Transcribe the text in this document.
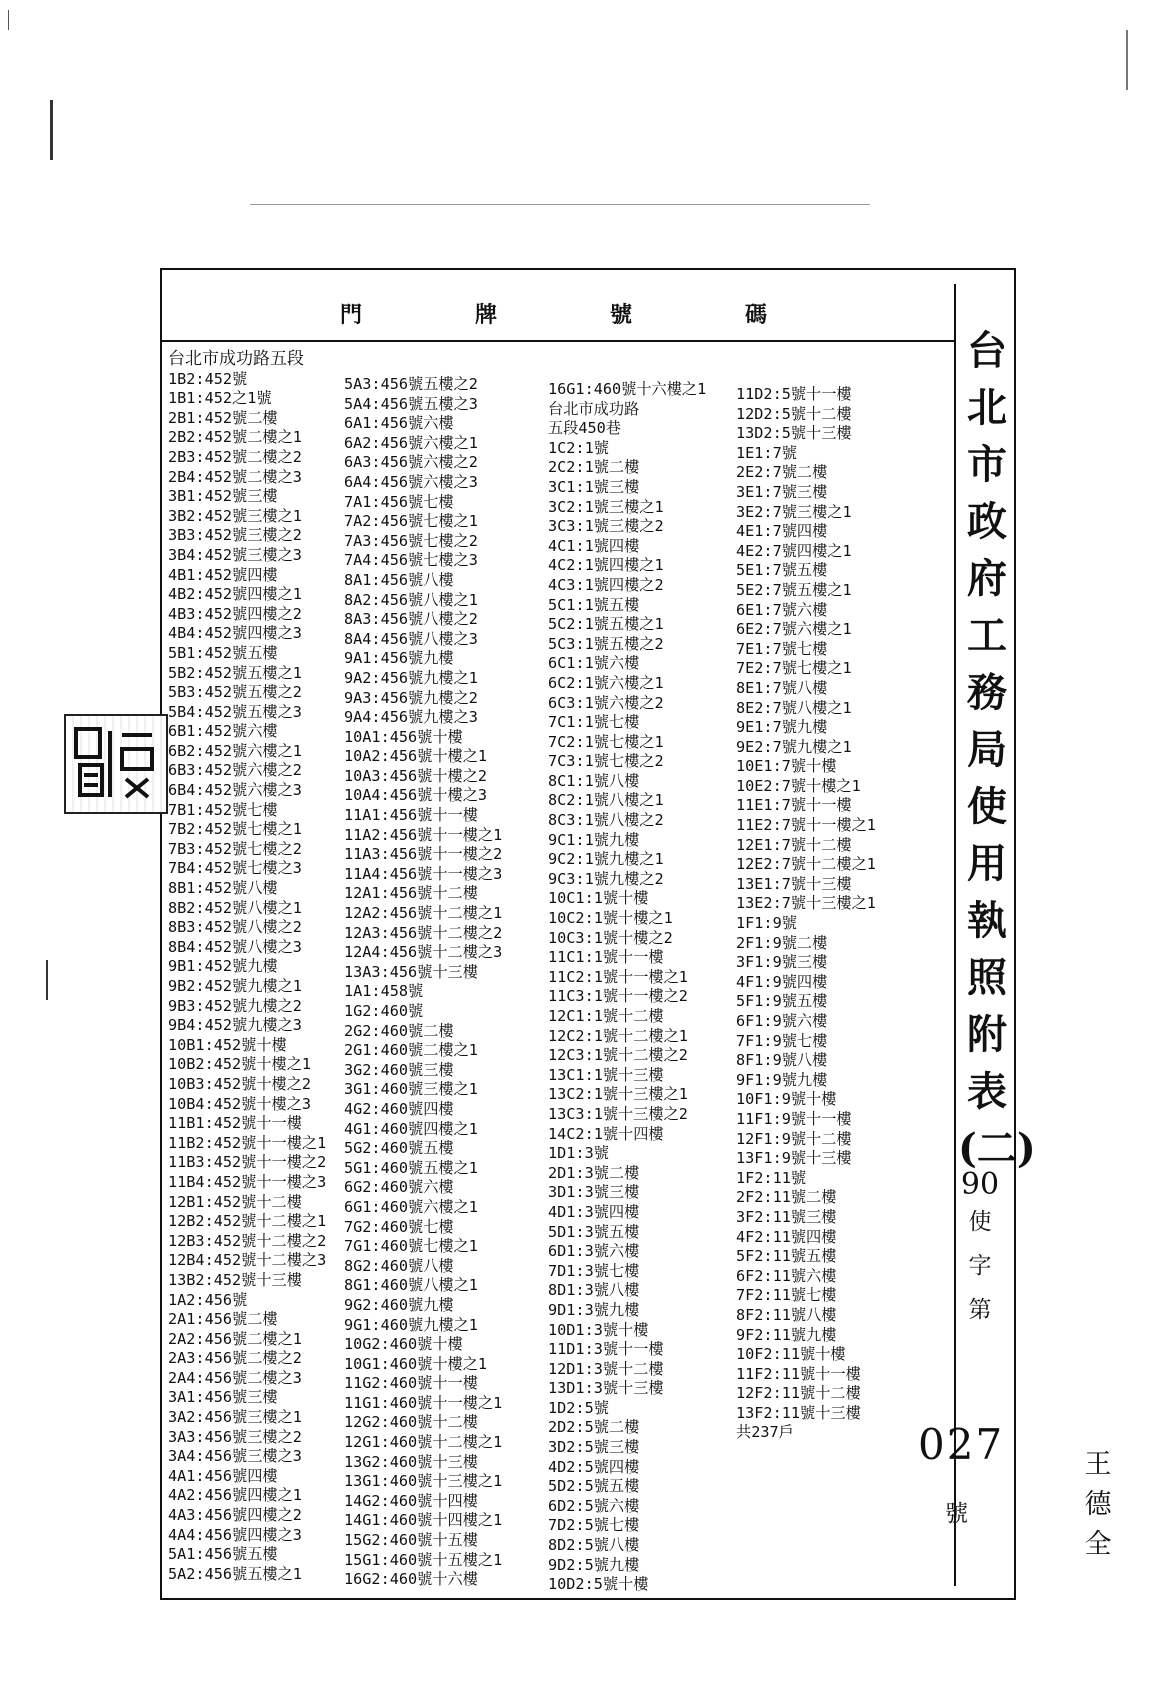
門	牌	號	碼
台北市成功路五段
1B2:452號
1B1:452之1號
2B1:452號二樓
2B2:452號二樓之1
2B3:452號二樓之2
2B4:452號二樓之3
3B1:452號三樓
3B2:452號三樓之1
3B3:452號三樓之2
3B4:452號三樓之3
4B1:452號四樓
4B2:452號四樓之1
4B3:452號四樓之2
4B4:452號四樓之3
5B1:452號五樓
5B2:452號五樓之1
5B3:452號五樓之2
5B4:452號五樓之3
6B1:452號六樓
6B2:452號六樓之1
6B3:452號六樓之2
6B4:452號六樓之3
7B1:452號七樓
7B2:452號七樓之1
7B3:452號七樓之2
7B4:452號七樓之3
8B1:452號八樓
8B2:452號八樓之1
8B3:452號八樓之2
8B4:452號八樓之3
9B1:452號九樓
9B2:452號九樓之1
9B3:452號九樓之2
9B4:452號九樓之3
10B1:452號十樓
10B2:452號十樓之1
10B3:452號十樓之2
10B4:452號十樓之3
11B1:452號十一樓
11B2:452號十一樓之1
11B3:452號十一樓之2
11B4:452號十一樓之3
12B1:452號十二樓
12B2:452號十二樓之1
12B3:452號十二樓之2
12B4:452號十二樓之3
13B2:452號十三樓
1A2:456號
2A1:456號二樓
2A2:456號二樓之1
2A3:456號二樓之2
2A4:456號二樓之3
3A1:456號三樓
3A2:456號三樓之1
3A3:456號三樓之2
3A4:456號三樓之3
4A1:456號四樓
4A2:456號四樓之1
4A3:456號四樓之2
4A4:456號四樓之3
5A1:456號五樓
5A2:456號五樓之1
5A3:456號五樓之2
5A4:456號五樓之3
6A1:456號六樓
6A2:456號六樓之1
6A3:456號六樓之2
6A4:456號六樓之3
7A1:456號七樓
7A2:456號七樓之1
7A3:456號七樓之2
7A4:456號七樓之3
8A1:456號八樓
8A2:456號八樓之1
8A3:456號八樓之2
8A4:456號八樓之3
9A1:456號九樓
9A2:456號九樓之1
9A3:456號九樓之2
9A4:456號九樓之3
10A1:456號十樓
10A2:456號十樓之1
10A3:456號十樓之2
10A4:456號十樓之3
11A1:456號十一樓
11A2:456號十一樓之1
11A3:456號十一樓之2
11A4:456號十一樓之3
12A1:456號十二樓
12A2:456號十二樓之1
12A3:456號十二樓之2
12A4:456號十二樓之3
13A3:456號十三樓
1A1:458號
1G2:460號
2G2:460號二樓
2G1:460號二樓之1
3G2:460號三樓
3G1:460號三樓之1
4G2:460號四樓
4G1:460號四樓之1
5G2:460號五樓
5G1:460號五樓之1
6G2:460號六樓
6G1:460號六樓之1
7G2:460號七樓
7G1:460號七樓之1
8G2:460號八樓
8G1:460號八樓之1
9G2:460號九樓
9G1:460號九樓之1
10G2:460號十樓
10G1:460號十樓之1
11G2:460號十一樓
11G1:460號十一樓之1
12G2:460號十二樓
12G1:460號十二樓之1
13G2:460號十三樓
13G1:460號十三樓之1
14G2:460號十四樓
14G1:460號十四樓之1
15G2:460號十五樓
15G1:460號十五樓之1
16G2:460號十六樓
16G1:460號十六樓之1
台北市成功路
五段450巷
1C2:1號
2C2:1號二樓
3C1:1號三樓
3C2:1號三樓之1
3C3:1號三樓之2
4C1:1號四樓
4C2:1號四樓之1
4C3:1號四樓之2
5C1:1號五樓
5C2:1號五樓之1
5C3:1號五樓之2
6C1:1號六樓
6C2:1號六樓之1
6C3:1號六樓之2
7C1:1號七樓
7C2:1號七樓之1
7C3:1號七樓之2
8C1:1號八樓
8C2:1號八樓之1
8C3:1號八樓之2
9C1:1號九樓
9C2:1號九樓之1
9C3:1號九樓之2
10C1:1號十樓
10C2:1號十樓之1
10C3:1號十樓之2
11C1:1號十一樓
11C2:1號十一樓之1
11C3:1號十一樓之2
12C1:1號十二樓
12C2:1號十二樓之1
12C3:1號十二樓之2
13C1:1號十三樓
13C2:1號十三樓之1
13C3:1號十三樓之2
14C2:1號十四樓
1D1:3號
2D1:3號二樓
3D1:3號三樓
4D1:3號四樓
5D1:3號五樓
6D1:3號六樓
7D1:3號七樓
8D1:3號八樓
9D1:3號九樓
10D1:3號十樓
11D1:3號十一樓
12D1:3號十二樓
13D1:3號十三樓
1D2:5號
2D2:5號二樓
3D2:5號三樓
4D2:5號四樓
5D2:5號五樓
6D2:5號六樓
7D2:5號七樓
8D2:5號八樓
9D2:5號九樓
10D2:5號十樓
11D2:5號十一樓
12D2:5號十二樓
13D2:5號十三樓
1E1:7號
2E2:7號二樓
3E1:7號三樓
3E2:7號三樓之1
4E1:7號四樓
4E2:7號四樓之1
5E1:7號五樓
5E2:7號五樓之1
6E1:7號六樓
6E2:7號六樓之1
7E1:7號七樓
7E2:7號七樓之1
8E1:7號八樓
8E2:7號八樓之1
9E1:7號九樓
9E2:7號九樓之1
10E1:7號十樓
10E2:7號十樓之1
11E1:7號十一樓
11E2:7號十一樓之1
12E1:7號十二樓
12E2:7號十二樓之1
13E1:7號十三樓
13E2:7號十三樓之1
1F1:9號
2F1:9號二樓
3F1:9號三樓
4F1:9號四樓
5F1:9號五樓
6F1:9號六樓
7F1:9號七樓
8F1:9號八樓
9F1:9號九樓
10F1:9號十樓
11F1:9號十一樓
12F1:9號十二樓
13F1:9號十三樓
1F2:11號
2F2:11號二樓
3F2:11號三樓
4F2:11號四樓
5F2:11號五樓
6F2:11號六樓
7F2:11號七樓
8F2:11號八樓
9F2:11號九樓
10F2:11號十樓
11F2:11號十一樓
12F2:11號十二樓
13F2:11號十三樓
共237戶
台
北
市
政
府
工
務
局
使
用
執
照
附
表
(二)
90
使
字
第
027
號
王
德
全
